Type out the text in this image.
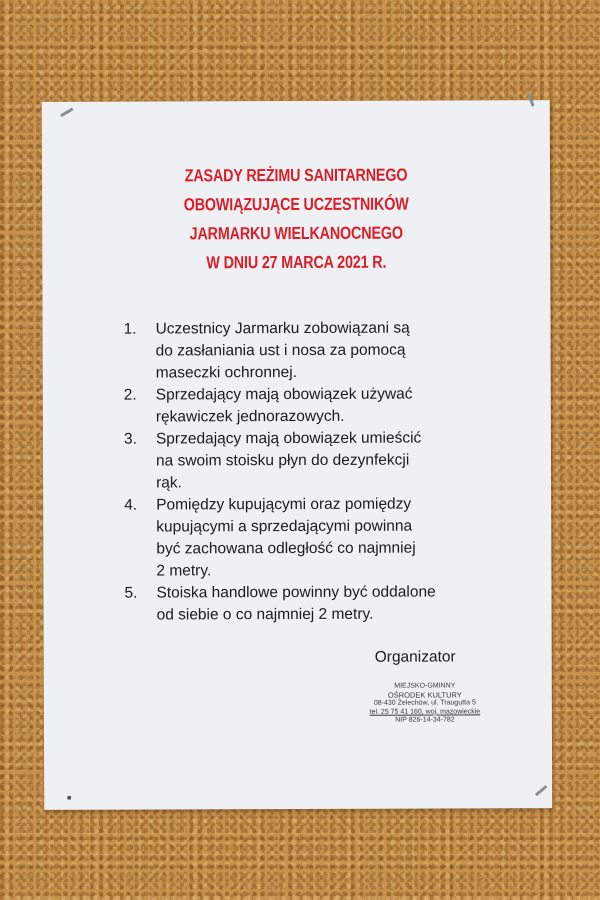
ZASADY REŻIMU SANITARNEGO
OBOWIĄZUJĄCE UCZESTNIKÓW
JARMARKU WIELKANOCNEGO
W DNIU 27 MARCA 2021 R.
1. Uczestnicy Jarmarku zobowiązani są
do zasłaniania ust i nosa za pomocą
maseczki ochronnej.
2. Sprzedający mają obowiązek używać
rękawiczek jednorazowych.
3. Sprzedający mają obowiązek umieścić
na swoim stoisku płyn do dezynfekcji
rąk.
4. Pomiędzy kupującymi oraz pomiędzy
kupującymi a sprzedającymi powinna
być zachowana odległość co najmniej
2 metry.
5. Stoiska handlowe powinny być oddalone
od siebie o co najmniej 2 metry.
Organizator
MIEJSKO-GMINNY
OŚRODEK KULTURY
08-430 Żelechów, ul. Traugutta 5
tel. 25 75 41 160, woj. mazowieckie
NIP 826-14-34-782
